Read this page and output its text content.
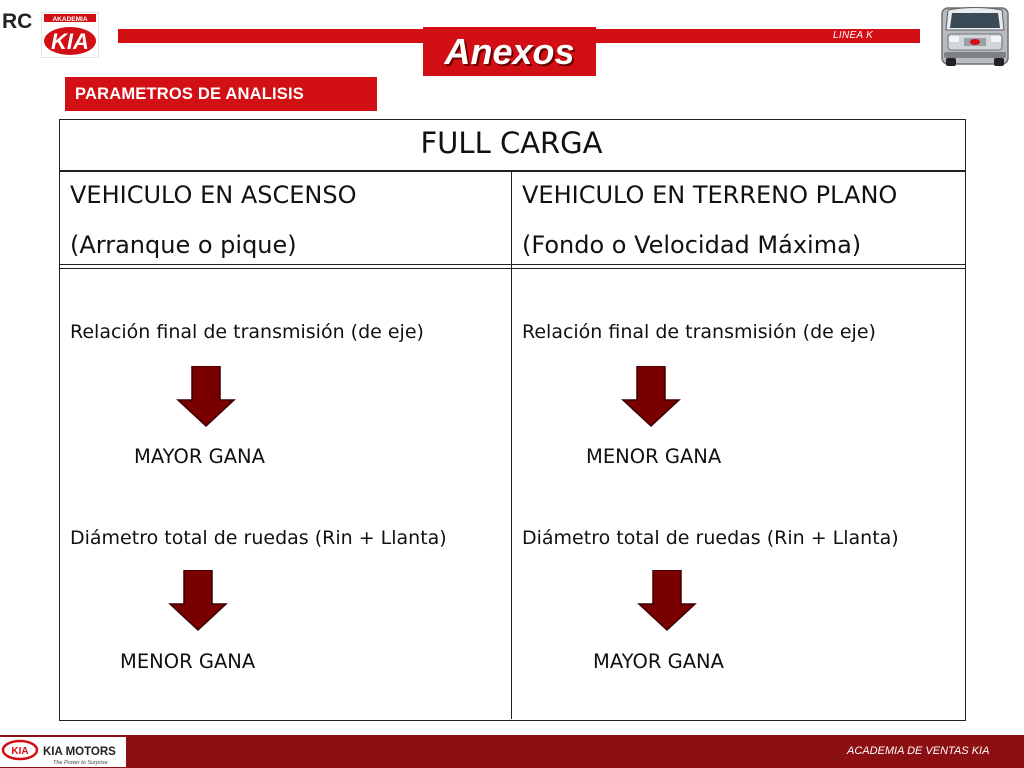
RC	AKADEMIA
KIA	LINEA K
Anexos
PARAMETROS DE ANALISIS
FULL CARGA
VEHICULO EN ASCENSO
(Arranque o pique)
Relación final de transmisión (de eje)
MAYOR GANA
Diámetro total de ruedas (Rin + Llanta)
MENOR GANA
VEHICULO EN TERRENO PLANO
(Fondo o Velocidad Máxima)
Relación final de transmisión (de eje)
MENOR GANA
Diámetro total de ruedas (Rin + Llanta)
MAYOR GANA
KIA KIA MOTORS
The Power to Surprise
ACADEMIA DE VENTAS KIA
